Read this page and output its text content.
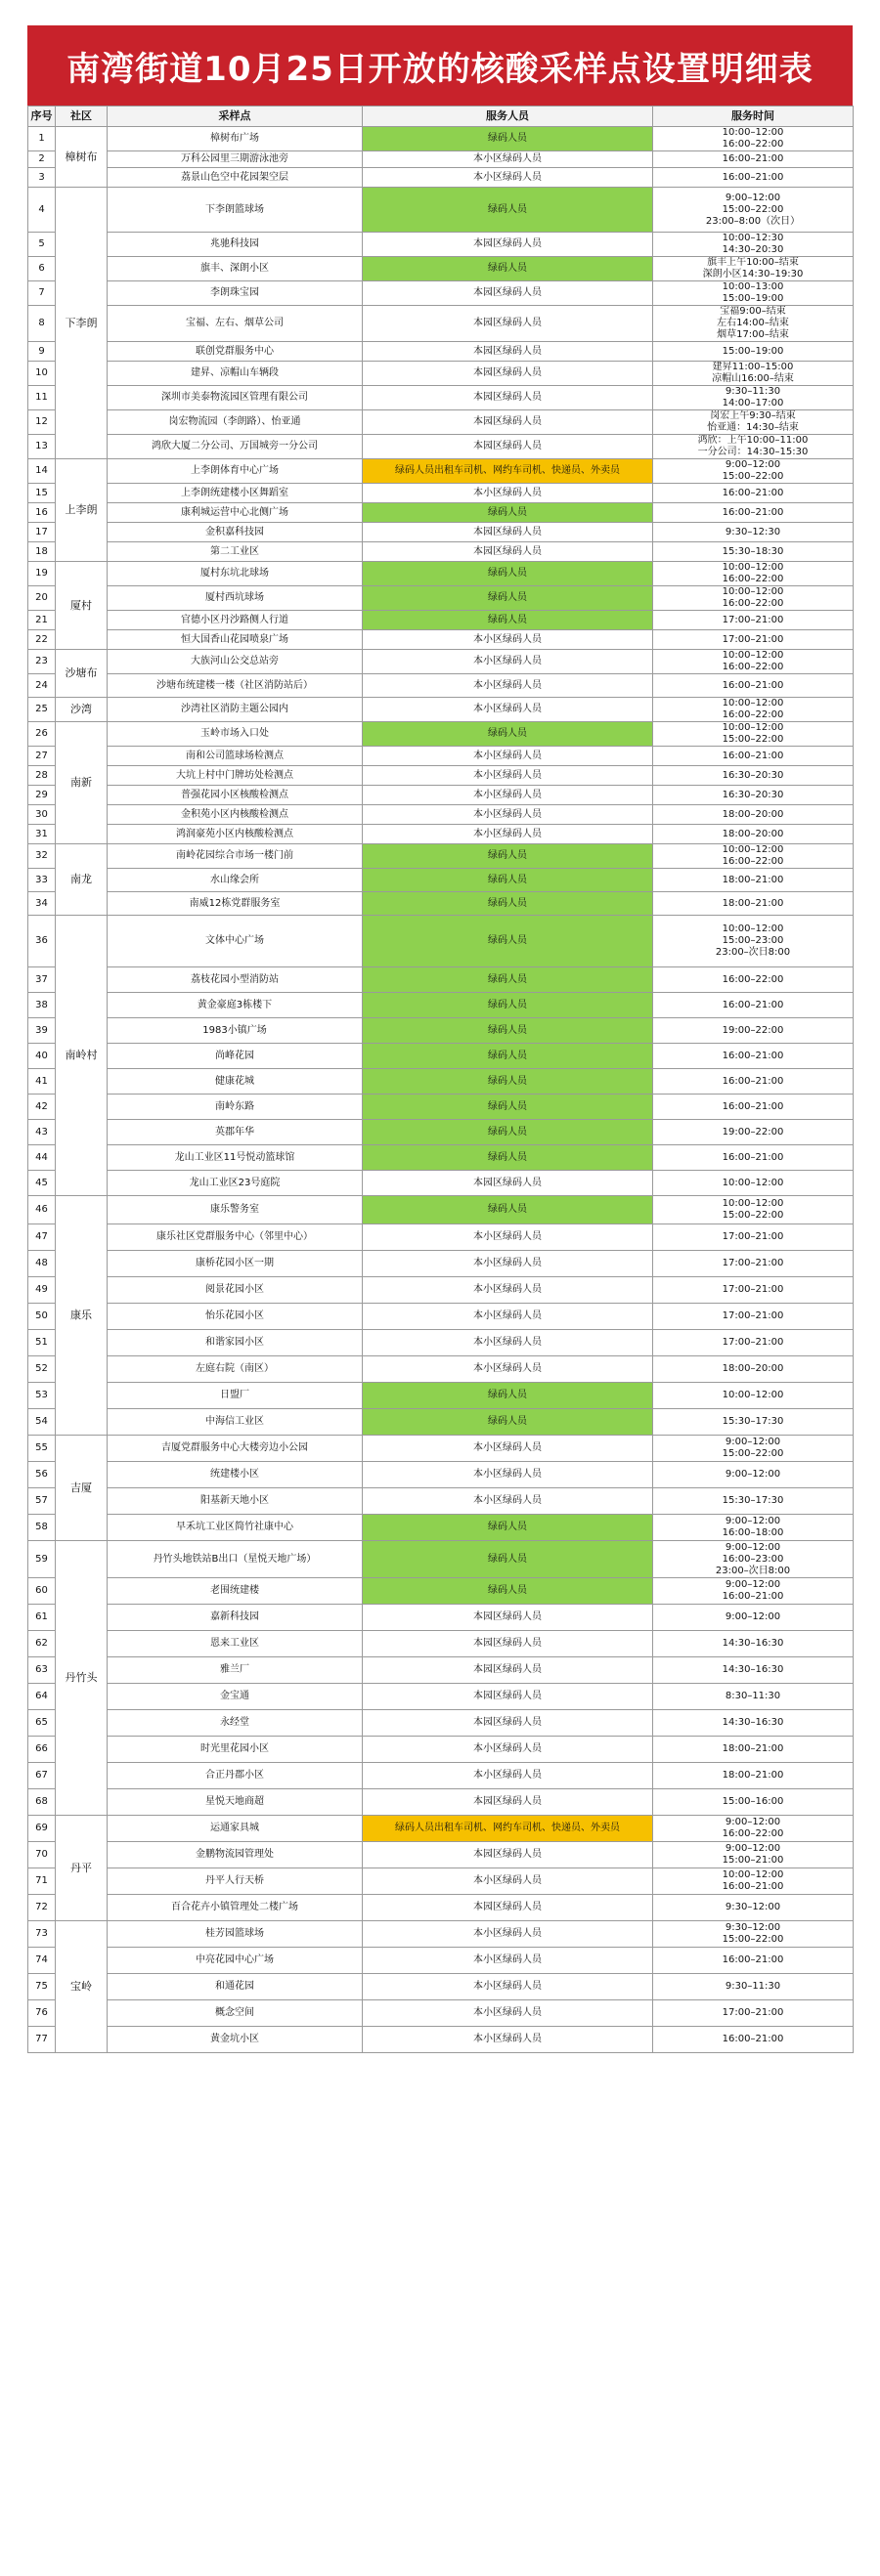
南湾街道10月25日开放的核酸采样点设置明细表
序号	社区	采样点	服务人员	服务时间
1	樟树布	樟树布广场	绿码人员	10:00–12:00
16:00–22:00
2		万科公园里三期游泳池旁	本小区绿码人员	16:00–21:00
3		荔景山色空中花园架空层	本小区绿码人员	16:00–21:00
4	下李朗	下李朗篮球场	绿码人员	9:00–12:00
15:00–22:00
23:00–8:00（次日）
5		兆驰科技园	本园区绿码人员	10:00–12:30
14:30–20:30
6		旗丰、深朗小区	绿码人员	旗丰上午10:00–结束
深朗小区14:30–19:30
7		李朗珠宝园	本园区绿码人员	10:00–13:00
15:00–19:00
8		宝福、左右、烟草公司	本园区绿码人员	宝福9:00–结束
左右14:00–结束
烟草17:00–结束
9		联创党群服务中心	本园区绿码人员	15:00–19:00
10		建昇、凉帽山车辆段	本园区绿码人员	建昇11:00–15:00
凉帽山16:00–结束
11		深圳市美泰物流园区管理有限公司	本园区绿码人员	9:30–11:30
14:00–17:00
12		岗宏物流园（李朗路）、怡亚通	本园区绿码人员	岗宏上午9:30–结束
怡亚通：14:30–结束
13		鸿欣大厦二分公司、万国城旁一分公司	本园区绿码人员	鸿欣：上午10:00–11:00
一分公司：14:30–15:30
14	上李朗	上李朗体育中心广场	绿码人员出租车司机、网约车司机、快递员、外卖员	9:00–12:00
15:00–22:00
15		上李朗统建楼小区舞蹈室	本小区绿码人员	16:00–21:00
16		康利城运营中心北侧广场	绿码人员	16:00–21:00
17		金积嘉科技园	本园区绿码人员	9:30–12:30
18		第二工业区	本园区绿码人员	15:30–18:30
19	厦村	厦村东坑北球场	绿码人员	10:00–12:00
16:00–22:00
20		厦村西坑球场	绿码人员	10:00–12:00
16:00–22:00
21		官德小区丹沙路侧人行道	绿码人员	17:00–21:00
22		恒大国香山花园喷泉广场	本小区绿码人员	17:00–21:00
23	沙塘布	大族河山公交总站旁	本小区绿码人员	10:00–12:00
16:00–22:00
24		沙塘布统建楼一楼（社区消防站后）	本小区绿码人员	16:00–21:00
25	沙湾	沙湾社区消防主题公园内	本小区绿码人员	10:00–12:00
16:00–22:00
26	南新	玉岭市场入口处	绿码人员	10:00–12:00
15:00–22:00
27		南和公司篮球场检测点	本小区绿码人员	16:00–21:00
28		大坑上村中门牌坊处检测点	本小区绿码人员	16:30–20:30
29		普强花园小区核酸检测点	本小区绿码人员	16:30–20:30
30		金积苑小区内核酸检测点	本小区绿码人员	18:00–20:00
31		鸿润豪苑小区内核酸检测点	本小区绿码人员	18:00–20:00
32	南龙	南岭花园综合市场一楼门前	绿码人员	10:00–12:00
16:00–22:00
33		水山缘会所	绿码人员	18:00–21:00
34		南威12栋党群服务室	绿码人员	18:00–21:00
36	南岭村	文体中心广场	绿码人员	10:00–12:00
15:00–23:00
23:00–次日8:00
37		荔枝花园小型消防站	绿码人员	16:00–22:00
38		黄金豪庭3栋楼下	绿码人员	16:00–21:00
39		1983小镇广场	绿码人员	19:00–22:00
40		尚峰花园	绿码人员	16:00–21:00
41		健康花城	绿码人员	16:00–21:00
42		南岭东路	绿码人员	16:00–21:00
43		英郡年华	绿码人员	19:00–22:00
44		龙山工业区11号悦动篮球馆	绿码人员	16:00–21:00
45		龙山工业区23号庭院	本园区绿码人员	10:00–12:00
46	康乐	康乐警务室	绿码人员	10:00–12:00
15:00–22:00
47		康乐社区党群服务中心（邻里中心）	本小区绿码人员	17:00–21:00
48		康桥花园小区一期	本小区绿码人员	17:00–21:00
49		阅景花园小区	本小区绿码人员	17:00–21:00
50		怡乐花园小区	本小区绿码人员	17:00–21:00
51		和谐家园小区	本小区绿码人员	17:00–21:00
52		左庭右院（南区）	本小区绿码人员	18:00–20:00
53		日盟厂	绿码人员	10:00–12:00
54		中海信工业区	绿码人员	15:30–17:30
55	吉厦	吉厦党群服务中心大楼旁边小公园	本小区绿码人员	9:00–12:00
15:00–22:00
56		统建楼小区	本小区绿码人员	9:00–12:00
57		阳基新天地小区	本小区绿码人员	15:30–17:30
58		早禾坑工业区简竹社康中心	绿码人员	9:00–12:00
16:00–18:00
59	丹竹头	丹竹头地铁站B出口（星悦天地广场）	绿码人员	9:00–12:00
16:00–23:00
23:00–次日8:00
60		老围统建楼	绿码人员	9:00–12:00
16:00–21:00
61		嘉新科技园	本园区绿码人员	9:00–12:00
62		恩来工业区	本园区绿码人员	14:30–16:30
63		雅兰厂	本园区绿码人员	14:30–16:30
64		金宝通	本园区绿码人员	8:30–11:30
65		永经堂	本园区绿码人员	14:30–16:30
66		时光里花园小区	本小区绿码人员	18:00–21:00
67		合正丹郡小区	本小区绿码人员	18:00–21:00
68		星悦天地商超	本园区绿码人员	15:00–16:00
69	丹平	运通家具城	绿码人员出租车司机、网约车司机、快递员、外卖员	9:00–12:00
16:00–22:00
70		金鹏物流园管理处	本园区绿码人员	9:00–12:00
15:00–21:00
71		丹平人行天桥	本小区绿码人员	10:00–12:00
16:00–21:00
72		百合花卉小镇管理处二楼广场	本园区绿码人员	9:30–12:00
73	宝岭	桂芳园篮球场	本小区绿码人员	9:30–12:00
15:00–22:00
74		中亮花园中心广场	本小区绿码人员	16:00–21:00
75		和通花园	本小区绿码人员	9:30–11:30
76		概念空间	本小区绿码人员	17:00–21:00
77		黄金坑小区	本小区绿码人员	16:00–21:00
